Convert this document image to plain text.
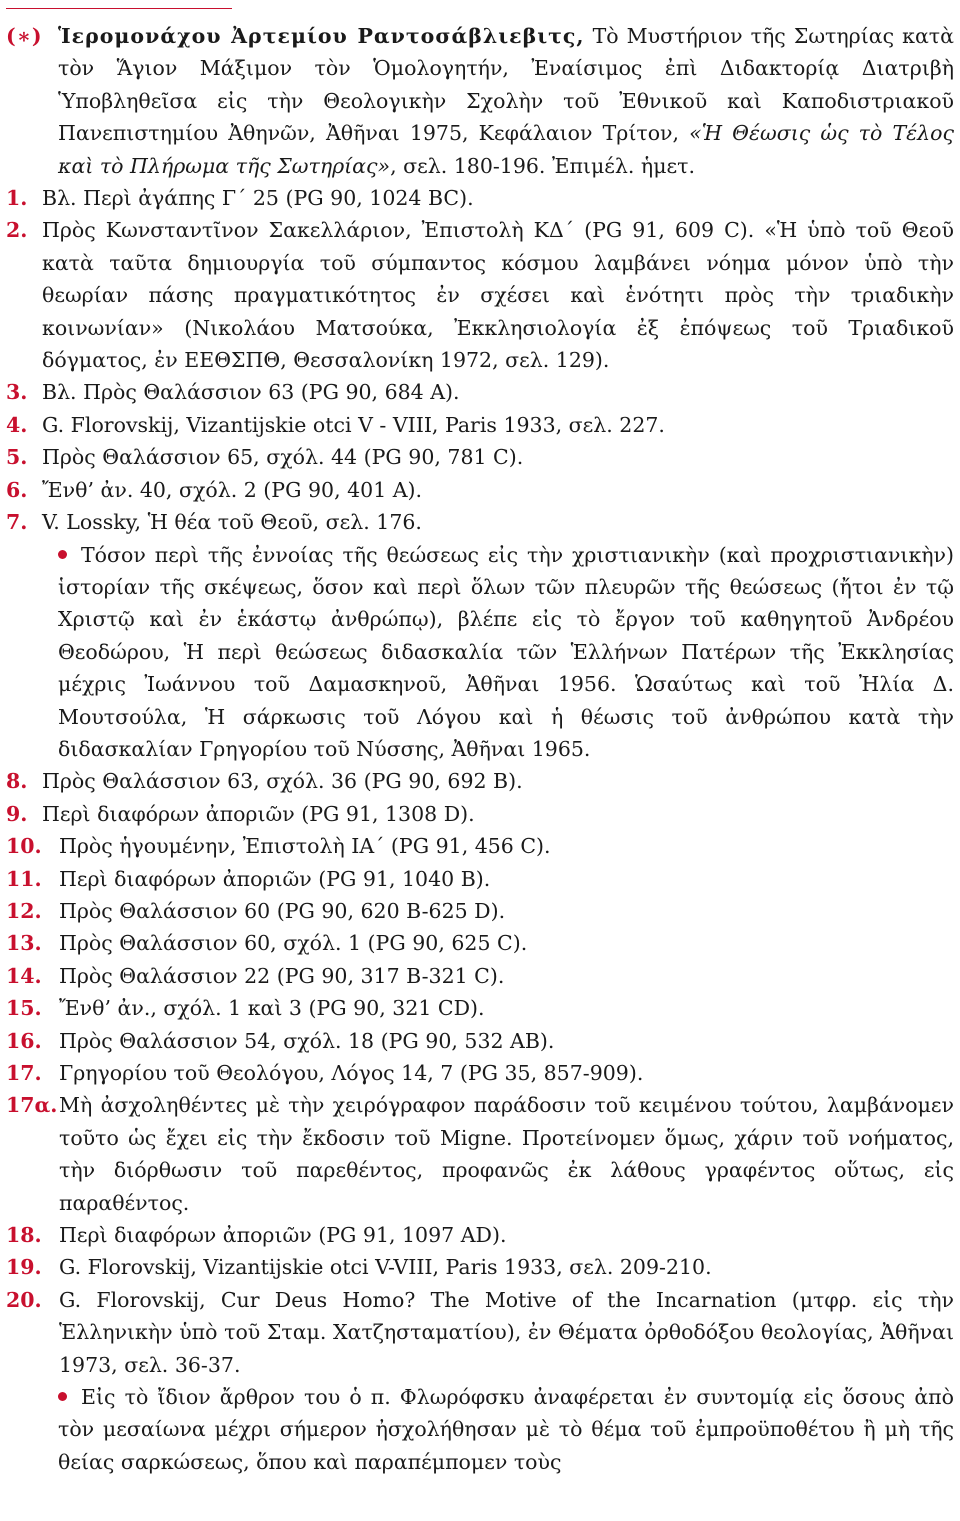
(∗) Ἱερομονάχου Ἀρτεμίου Ραντοσάβλιεβιτς, Τὸ Μυστήριον τῆς Σωτηρίας κατὰ τὸν Ἅγιον Μάξιμον τὸν Ὁμολογητήν, Ἐναίσιμος ἐπὶ Διδακτορίᾳ Διατριβὴ Ὑποβληθεῖσα εἰς τὴν Θεολογικὴν Σχολὴν τοῦ Ἐθνικοῦ καὶ Καποδιστριακοῦ Πανεπιστημίου Ἀθηνῶν, Ἀθῆναι 1975, Κεφάλαιον Τρίτον, «Ἡ Θέωσις ὡς τὸ Τέλος καὶ τὸ Πλήρωμα τῆς Σωτηρίας», σελ. 180-196. Ἐπιμέλ. ἡμετ.

1. Βλ. Περὶ ἀγάπης Γ΄ 25 (PG 90, 1024 BC).

2. Πρὸς Κωνσταντῖνον Σακελλάριον, Ἐπιστολὴ ΚΔ΄ (PG 91, 609 C). «Ἡ ὑπὸ τοῦ Θεοῦ κατὰ ταῦτα δημιουργία τοῦ σύμπαντος κόσμου λαμβάνει νόημα μόνον ὑπὸ τὴν θεωρίαν πάσης πραγματικότητος ἐν σχέσει καὶ ἑνότητι πρὸς τὴν τριαδικὴν κοινωνίαν» (Νικολάου Ματσούκα, Ἐκκλησιολογία ἐξ ἐπόψεως τοῦ Τριαδικοῦ δόγματος, ἐν ΕΕΘΣΠΘ, Θεσσαλονίκη 1972, σελ. 129).

3. Βλ. Πρὸς Θαλάσσιον 63 (PG 90, 684 A).

4. G. Florovskij, Vizantijskie otci V - VIII, Paris 1933, σελ. 227.

5. Πρὸς Θαλάσσιον 65, σχόλ. 44 (PG 90, 781 C).

6. Ἔνθ’ ἀν. 40, σχόλ. 2 (PG 90, 401 A).

7. V. Lossky, Ἡ θέα τοῦ Θεοῦ, σελ. 176.

Τόσον περὶ τῆς ἐννοίας τῆς θεώσεως εἰς τὴν χριστιανικὴν (καὶ προχριστιανικὴν) ἱστορίαν τῆς σκέψεως, ὅσον καὶ περὶ ὅλων τῶν πλευρῶν τῆς θεώσεως (ἤτοι ἐν τῷ Χριστῷ καὶ ἐν ἑκάστῳ ἀνθρώπῳ), βλέπε εἰς τὸ ἔργον τοῦ καθηγητοῦ Ἀνδρέου Θεοδώρου, Ἡ περὶ θεώσεως διδασκαλία τῶν Ἑλλήνων Πατέρων τῆς Ἐκκλησίας μέχρις Ἰωάννου τοῦ Δαμασκηνοῦ, Ἀθῆναι 1956. Ὡσαύτως καὶ τοῦ Ἠλία Δ. Μουτσούλα, Ἡ σάρκωσις τοῦ Λόγου καὶ ἡ θέωσις τοῦ ἀνθρώπου κατὰ τὴν διδασκαλίαν Γρηγορίου τοῦ Νύσσης, Ἀθῆναι 1965.

8. Πρὸς Θαλάσσιον 63, σχόλ. 36 (PG 90, 692 B).

9. Περὶ διαφόρων ἀποριῶν (PG 91, 1308 D).

10. Πρὸς ἡγουμένην, Ἐπιστολὴ ΙΑ΄ (PG 91, 456 C).

11. Περὶ διαφόρων ἀποριῶν (PG 91, 1040 B).

12. Πρὸς Θαλάσσιον 60 (PG 90, 620 B-625 D).

13. Πρὸς Θαλάσσιον 60, σχόλ. 1 (PG 90, 625 C).

14. Πρὸς Θαλάσσιον 22 (PG 90, 317 B-321 C).

15. Ἔνθ’ ἀν., σχόλ. 1 καὶ 3 (PG 90, 321 CD).

16. Πρὸς Θαλάσσιον 54, σχόλ. 18 (PG 90, 532 AB).

17. Γρηγορίου τοῦ Θεολόγου, Λόγος 14, 7 (PG 35, 857-909).

17α.Μὴ ἀσχοληθέντες μὲ τὴν χειρόγραφον παράδοσιν τοῦ κειμένου τούτου, λαμβάνομεν τοῦτο ὡς ἔχει εἰς τὴν ἔκδοσιν τοῦ Migne. Προτείνομεν ὅμως, χάριν τοῦ νοήματος, τὴν διόρθωσιν τοῦ παρεθέντος, προφανῶς ἐκ λάθους γραφέντος οὕτως, εἰς παραθέντος.

18. Περὶ διαφόρων ἀποριῶν (PG 91, 1097 AD).

19. G. Florovskij, Vizantijskie otci V-VIII, Paris 1933, σελ. 209-210.

20. G. Florovskij, Cur Deus Homo? The Motive of the Incarnation (μτφρ. εἰς τὴν Ἑλληνικὴν ὑπὸ τοῦ Σταμ. Χατζησταματίου), ἐν Θέματα ὀρθοδόξου θεολογίας, Ἀθῆναι 1973, σελ. 36-37.

Εἰς τὸ ἴδιον ἄρθρον του ὁ π. Φλωρόφσκυ ἀναφέρεται ἐν συντομίᾳ εἰς ὅσους ἀπὸ τὸν μεσαίωνα μέχρι σήμερον ἠσχολήθησαν μὲ τὸ θέμα τοῦ ἐμπροϋποθέτου ἢ μὴ τῆς θείας σαρκώσεως, ὅπου καὶ παραπέμπομεν τοὺς
